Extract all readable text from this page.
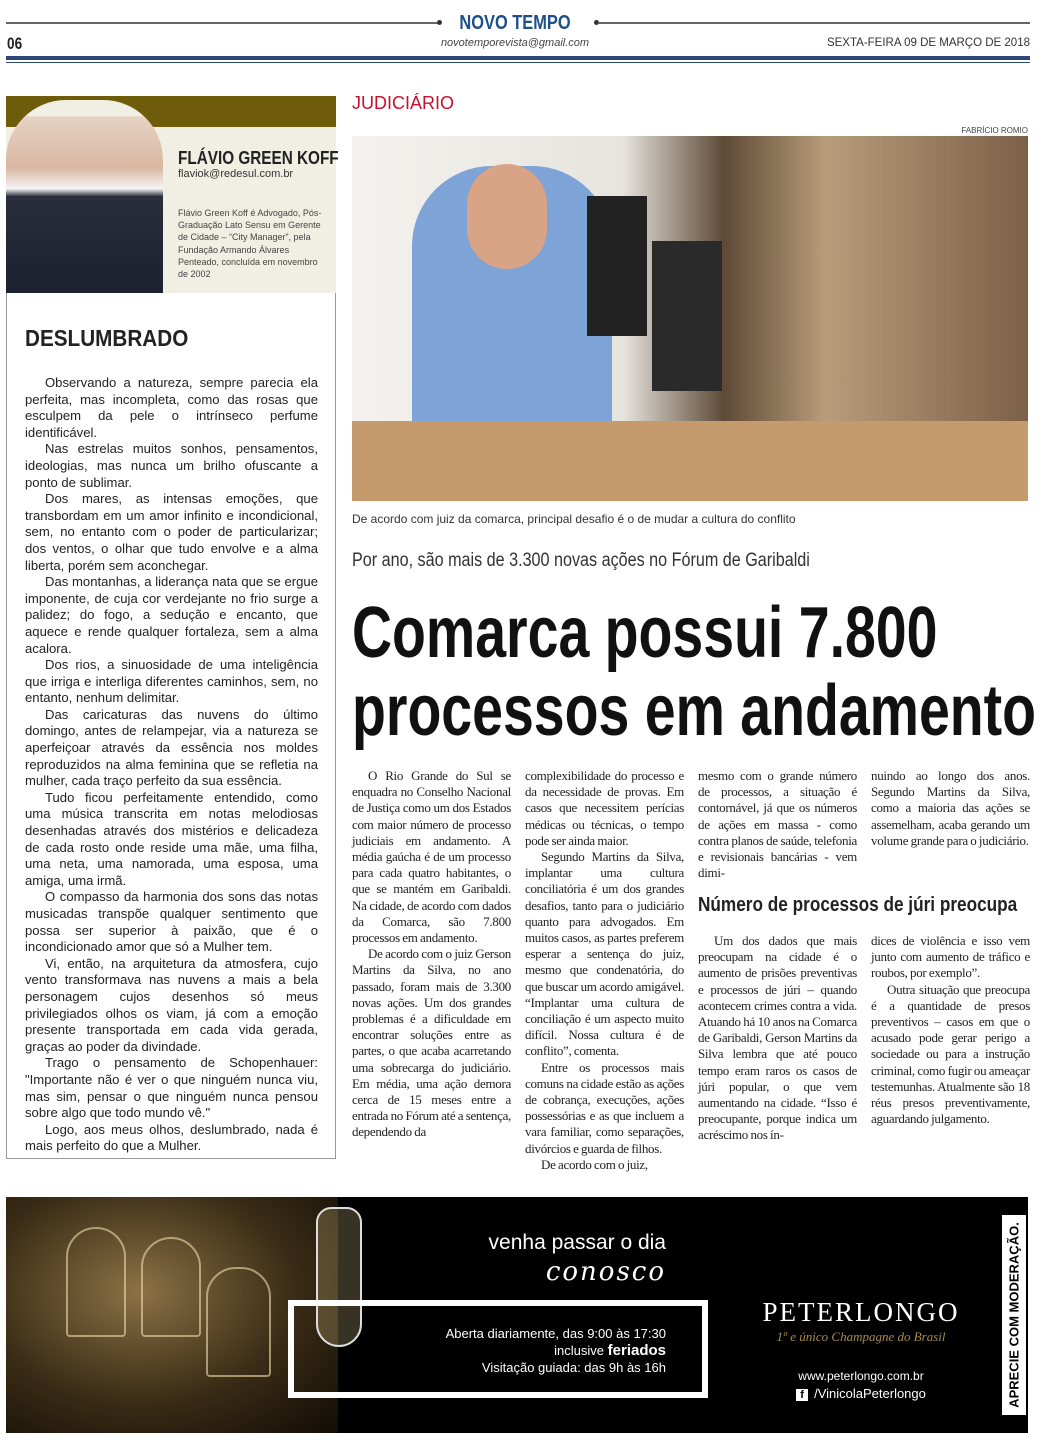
NOVO TEMPO
novotemporevista@gmail.com
06	SEXTA-FEIRA 09 DE MARÇO DE 2018
FLÁVIO GREEN KOFF
flaviok@redesul.com.br
Flávio Green Koff é Advogado, Pós-Graduação Lato Sensu em Gerente de Cidade – “City Manager”, pela Fundação Armando Álvares Penteado, concluída em novembro de 2002
DESLUMBRADO

Observando a natureza, sempre parecia ela perfeita, mas incompleta, como das rosas que esculpem da pele o intrínseco perfume identificável.

Nas estrelas muitos sonhos, pensamentos, ideologias, mas nunca um brilho ofuscante a ponto de sublimar.

Dos mares, as intensas emoções, que transbordam em um amor infinito e incondicional, sem, no entanto com o poder de particularizar; dos ventos, o olhar que tudo envolve e a alma liberta, porém sem aconchegar.

Das montanhas, a liderança nata que se ergue imponente, de cuja cor verdejante no frio surge a palidez; do fogo, a sedução e encanto, que aquece e rende qualquer fortaleza, sem a alma acalora.

Dos rios, a sinuosidade de uma inteligência que irriga e interliga diferentes caminhos, sem, no entanto, nenhum delimitar.

Das caricaturas das nuvens do último domingo, antes de relampejar, via a natureza se aperfeiçoar através da essência nos moldes reproduzidos na alma feminina que se refletia na mulher, cada traço perfeito da sua essência.

Tudo ficou perfeitamente entendido, como uma música transcrita em notas melodiosas desenhadas através dos mistérios e delicadeza de cada rosto onde reside uma mãe, uma filha, uma neta, uma namorada, uma esposa, uma amiga, uma irmã.

O compasso da harmonia dos sons das notas musicadas transpõe qualquer sentimento que possa ser superior à paixão, que é o incondicionado amor que só a Mulher tem.

Vi, então, na arquitetura da atmosfera, cujo vento transformava nas nuvens a mais a bela personagem cujos desenhos só meus privilegiados olhos os viam, já com a emoção presente transportada em cada vida gerada, graças ao poder da divindade.

Trago o pensamento de Schopenhauer: "Importante não é ver o que ninguém nunca viu, mas sim, pensar o que ninguém nunca pensou sobre algo que todo mundo vê."

Logo, aos meus olhos, deslumbrado, nada é mais perfeito do que a Mulher.

JUDICIÁRIO
FABRÍCIO ROMIO
De acordo com juiz da comarca, principal desafio é o de mudar a cultura do conflito
Por ano, são mais de 3.300 novas ações no Fórum de Garibaldi
Comarca possui 7.800
processos em andamento

O Rio Grande do Sul se enquadra no Conselho Nacional de Justiça como um dos Estados com maior número de processo judiciais em andamento. A média gaúcha é de um processo para cada quatro habitantes, o que se mantém em Garibaldi. Na cidade, de acordo com dados da Comarca, são 7.800 processos em andamento.

De acordo com o juiz Gerson Martins da Silva, no ano passado, foram mais de 3.300 novas ações. Um dos grandes problemas é a dificuldade em encontrar soluções entre as partes, o que acaba acarretando uma sobrecarga do judiciário. Em média, uma ação demora cerca de 15 meses entre a entrada no Fórum até a sentença, dependendo da

complexibilidade do processo e da necessidade de provas. Em casos que necessitem perícias médicas ou técnicas, o tempo pode ser ainda maior.

Segundo Martins da Silva, implantar uma cultura conciliatória é um dos grandes desafios, tanto para o judiciário quanto para advogados. Em muitos casos, as partes preferem esperar a sentença do juiz, mesmo que condenatória, do que buscar um acordo amigável. “Implantar uma cultura de conciliação é um aspecto muito difícil. Nossa cultura é de conflito”, comenta.

Entre os processos mais comuns na cidade estão as ações de cobrança, execuções, ações possessórias e as que incluem a vara familiar, como separações, divórcios e guarda de filhos.

De acordo com o juiz,

mesmo com o grande número de processos, a situação é contornável, já que os números de ações em massa - como contra planos de saúde, telefonia e revisionais bancárias - vem dimi-

nuindo ao longo dos anos. Segundo Martins da Silva, como a maioria das ações se assemelham, acaba gerando um volume grande para o judiciário.

Número de processos de júri preocupa

Um dos dados que mais preocupam na cidade é o aumento de prisões preventivas e processos de júri – quando acontecem crimes contra a vida. Atuando há 10 anos na Comarca de Garibaldi, Gerson Martins da Silva lembra que até pouco tempo eram raros os casos de júri popular, o que vem aumentando na cidade. “Isso é preocupante, porque indica um acréscimo nos ín-

dices de violência e isso vem junto com aumento de tráfico e roubos, por exemplo”.

Outra situação que preocupa é a quantidade de presos preventivos – casos em que o acusado pode gerar perigo a sociedade ou para a instrução criminal, como fugir ou ameaçar testemunhas. Atualmente são 18 réus presos preventivamente, aguardando julgamento.

venha passar o dia
conosco
Aberta diariamente, das 9:00 às 17:30
inclusive feriados
Visitação guiada: das 9h às 16h
PETERLONGO
1º e único Champagne do Brasil
www.peterlongo.com.br
f /VinicolaPeterlongo	APRECIE COM MODERAÇÃO.
